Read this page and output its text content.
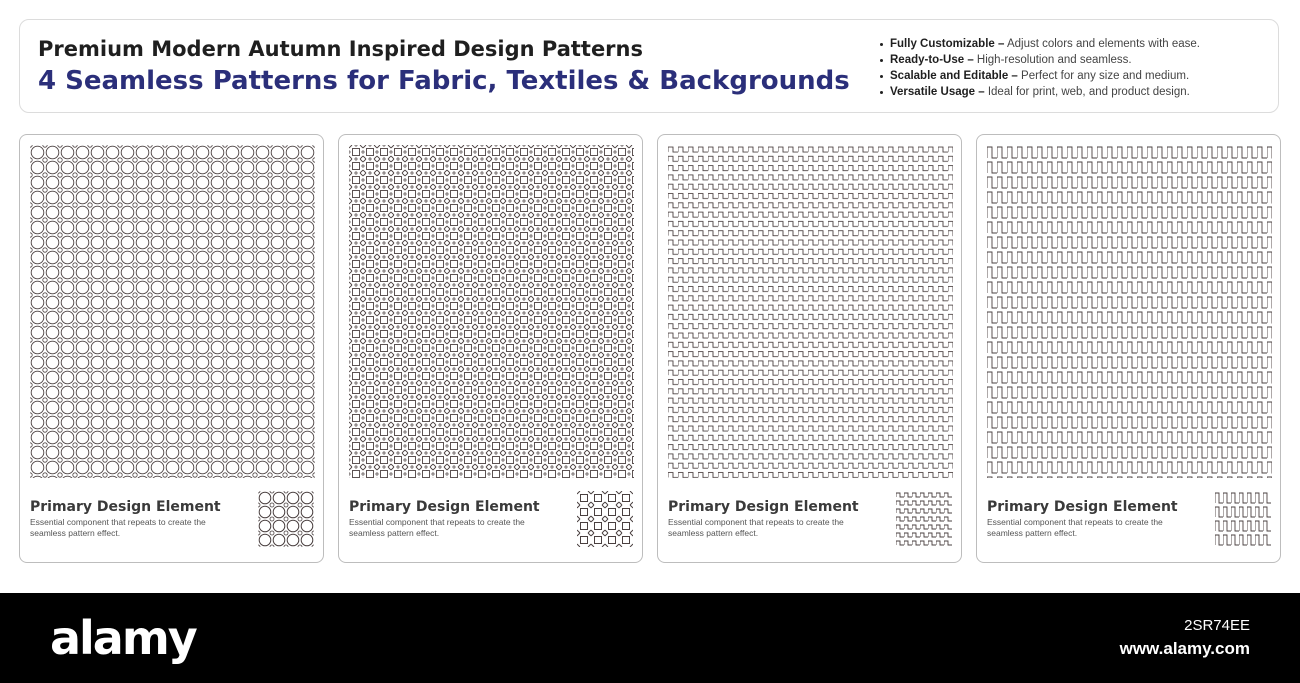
Premium Modern Autumn Inspired Design Patterns
4 Seamless Patterns for Fabric, Textiles & Backgrounds
Fully Customizable – Adjust colors and elements with ease.
Ready-to-Use – High-resolution and seamless.
Scalable and Editable – Perfect for any size and medium.
Versatile Usage – Ideal for print, web, and product design.
Primary Design Element
Essential component that repeats to create the seamless pattern effect.
Primary Design Element
Essential component that repeats to create the seamless pattern effect.
Primary Design Element
Essential component that repeats to create the seamless pattern effect.
Primary Design Element
Essential component that repeats to create the seamless pattern effect.
alamy	2SR74EE
www.alamy.com
